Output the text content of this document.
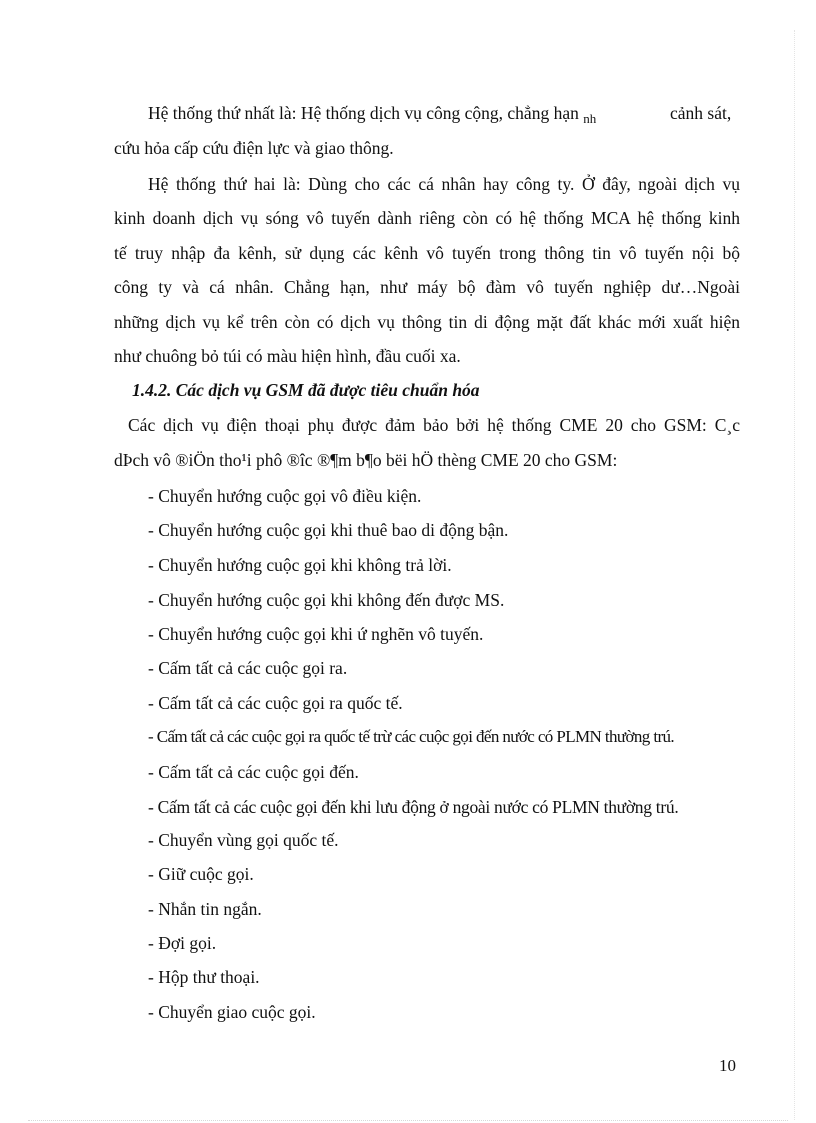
Hệ thống thứ nhất là: Hệ thống dịch vụ công cộng, chẳng hạn $_{nh}$	cảnh sát,
cứu hỏa cấp cứu điện lực và giao thông.
Hệ thống thứ hai là: Dùng cho các cá nhân hay công ty. Ở đây, ngoài dịch vụ
kinh doanh dịch vụ sóng vô tuyến dành riêng còn có hệ thống MCA hệ thống kinh
tế truy nhập đa kênh, sử dụng các kênh vô tuyến trong thông tin vô tuyến nội bộ
công ty và cá nhân. Chẳng hạn, như máy bộ đàm vô tuyến nghiệp dư…Ngoài
những dịch vụ kể trên còn có dịch vụ thông tin di động mặt đất khác mới xuất hiện
như chuông bỏ túi có màu hiện hình, đầu cuối xa.
1.4.2. Các dịch vụ GSM đã được tiêu chuẩn hóa
Các dịch vụ điện thoại phụ được đảm bảo bởi hệ thống CME 20 cho GSM: C¸c
dÞch vô ®iÖn tho¹i phô ®îc ®¶m b¶o bëi hÖ thèng CME 20 cho GSM:
- Chuyển hướng cuộc gọi vô điều kiện.
- Chuyển hướng cuộc gọi khi thuê bao di động bận.
- Chuyển hướng cuộc gọi khi không trả lời.
- Chuyển hướng cuộc gọi khi không đến được MS.
- Chuyển hướng cuộc gọi khi ứ nghẽn vô tuyến.
- Cấm tất cả các cuộc gọi ra.
- Cấm tất cả các cuộc gọi ra quốc tế.
- Cấm tất cả các cuộc gọi ra quốc tế trừ các cuộc gọi đến nước có PLMN thường trú.
- Cấm tất cả các cuộc gọi đến.
- Cấm tất cả các cuộc gọi đến khi lưu động ở ngoài nước có PLMN thường trú.
- Chuyển vùng gọi quốc tế.
- Giữ cuộc gọi.
- Nhắn tin ngắn.
- Đợi gọi.
- Hộp thư thoại.
- Chuyển giao cuộc gọi.
10
